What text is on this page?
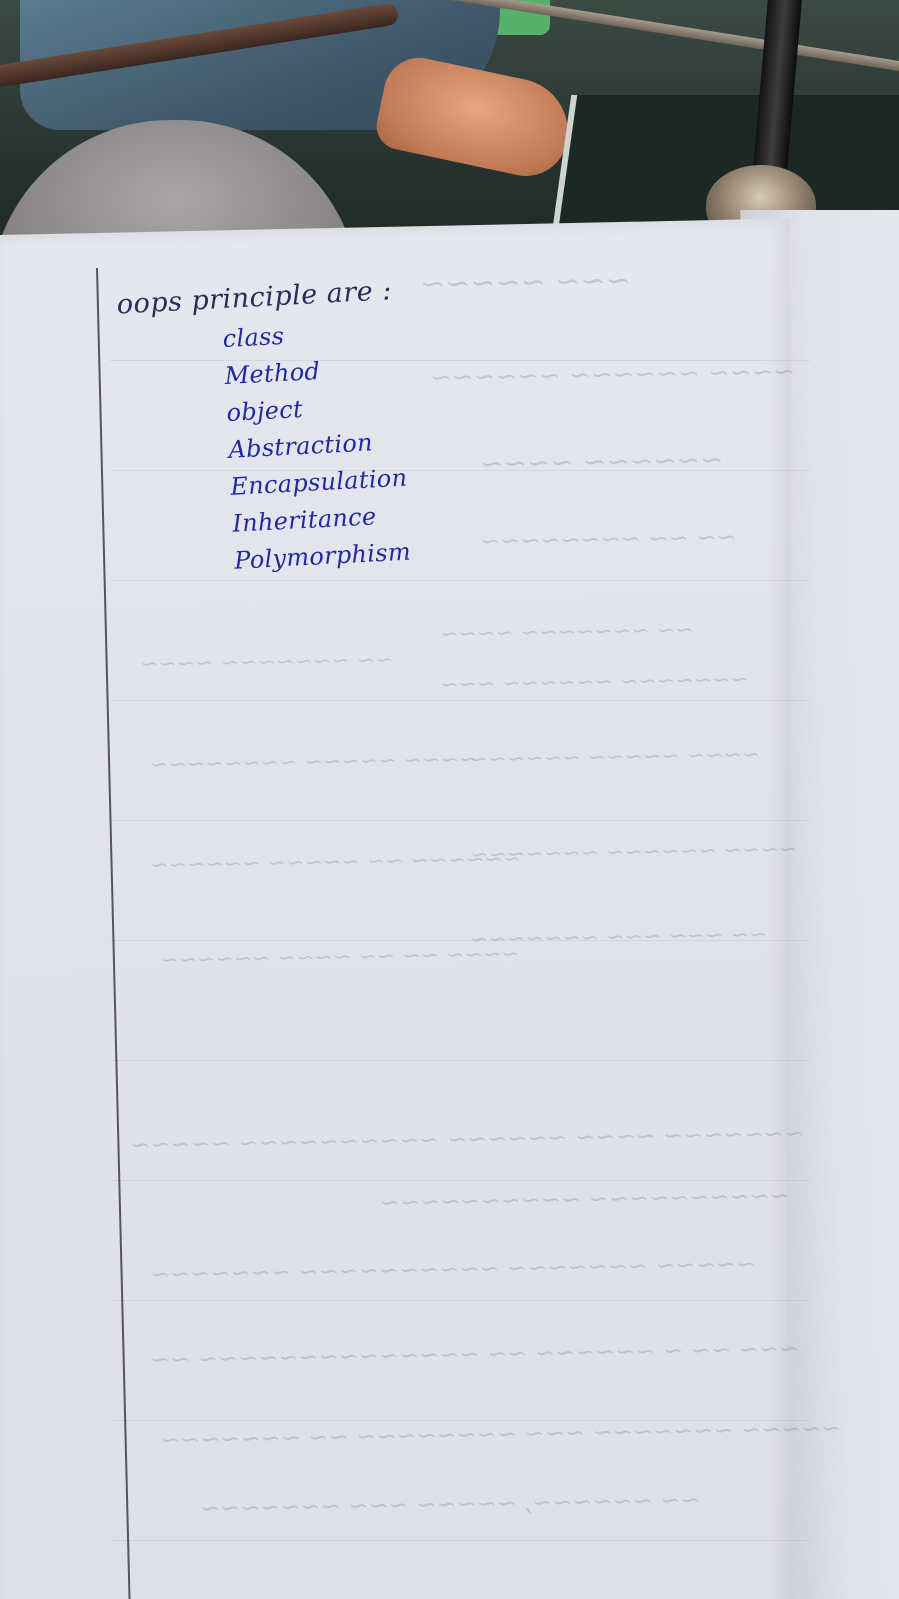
~~~ ~~~~~
~~~~ ~~~~~~ ~~~~~~
~~~~~~ ~~~~
~~ ~~ ~~~~~~~~
~~ ~~~~~~~ ~~~~
~~~~~~~ ~~~~~~ ~~~
~~ ~~~~~~~ ~~~~
~~~~ ~~~~~ ~~~~~~~~
~~~~ ~~~~~ ~~~~~~
~~~~ ~~~~~~ ~~~~~~~
~~~~~~ ~~ ~~~~~ ~~~~~~
~~ ~~~ ~~~ ~~~~~~~
~~~~ ~~ ~~ ~~~~ ~~~~~~
~~~~~~~ ~~~~ ~~~~~~ ~~~~~~~~~~ ~~~~~
~~~~~~~~~~ ~~~~~~~~~~
~~~~~ ~~~~~~~ ~~~~~~~~~~ ~~~~~~~
~~~ ~~ ~ ~~~~~~ ~~ ~~~~~~~~~~~~~~ ~~
~~~~~ ~~~~~~~ ~~~ ~~~~~~~~ ~~ ~~~~~~~
~~ ~~~~~~, ~~~~~ ~~~ ~~~~~~~
oops principle are :
class
Method
object
Abstraction
Encapsulation
Inheritance
Polymorphism
